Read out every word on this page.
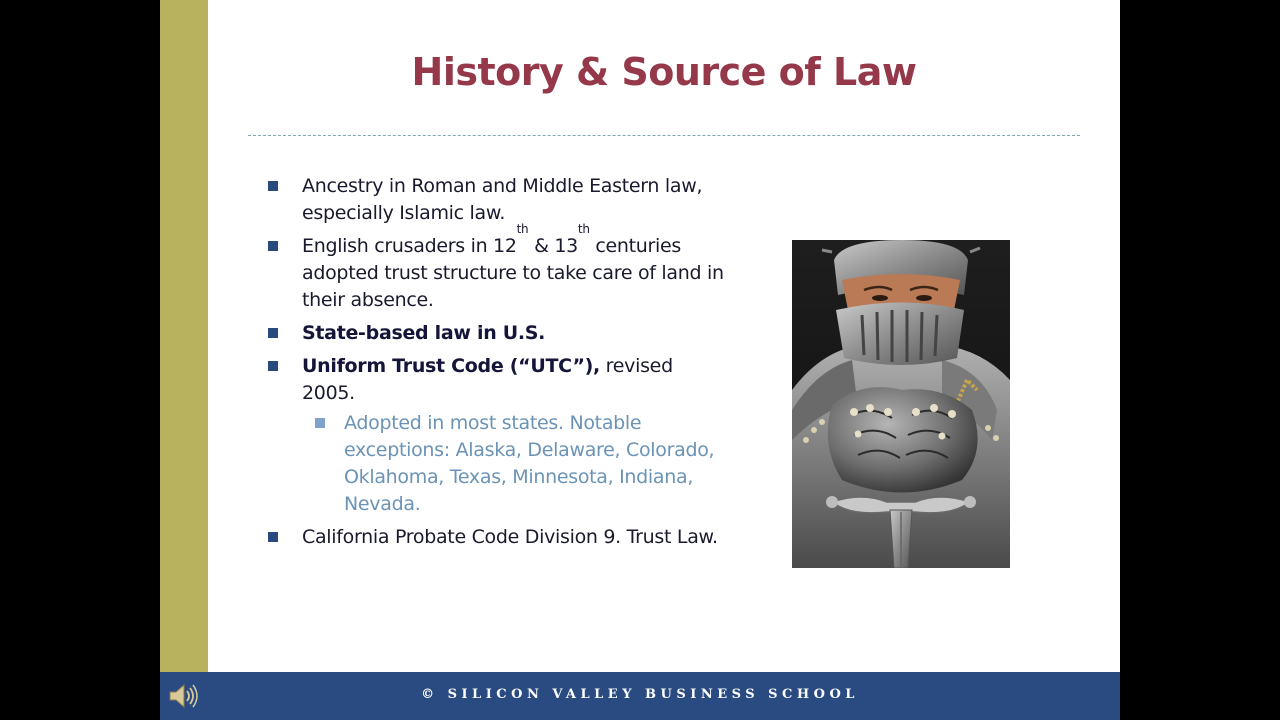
History & Source of Law
Ancestry in Roman and Middle Eastern law, especially Islamic law.
English crusaders in 12th & 13th centuries adopted trust structure to take care of land in their absence.
State-based law in U.S.
Uniform Trust Code (“UTC”), revised 2005.
Adopted in most states. Notable exceptions: Alaska, Delaware, Colorado, Oklahoma, Texas, Minnesota, Indiana, Nevada.
California Probate Code Division 9. Trust Law.
© SILICON VALLEY BUSINESS SCHOOL
